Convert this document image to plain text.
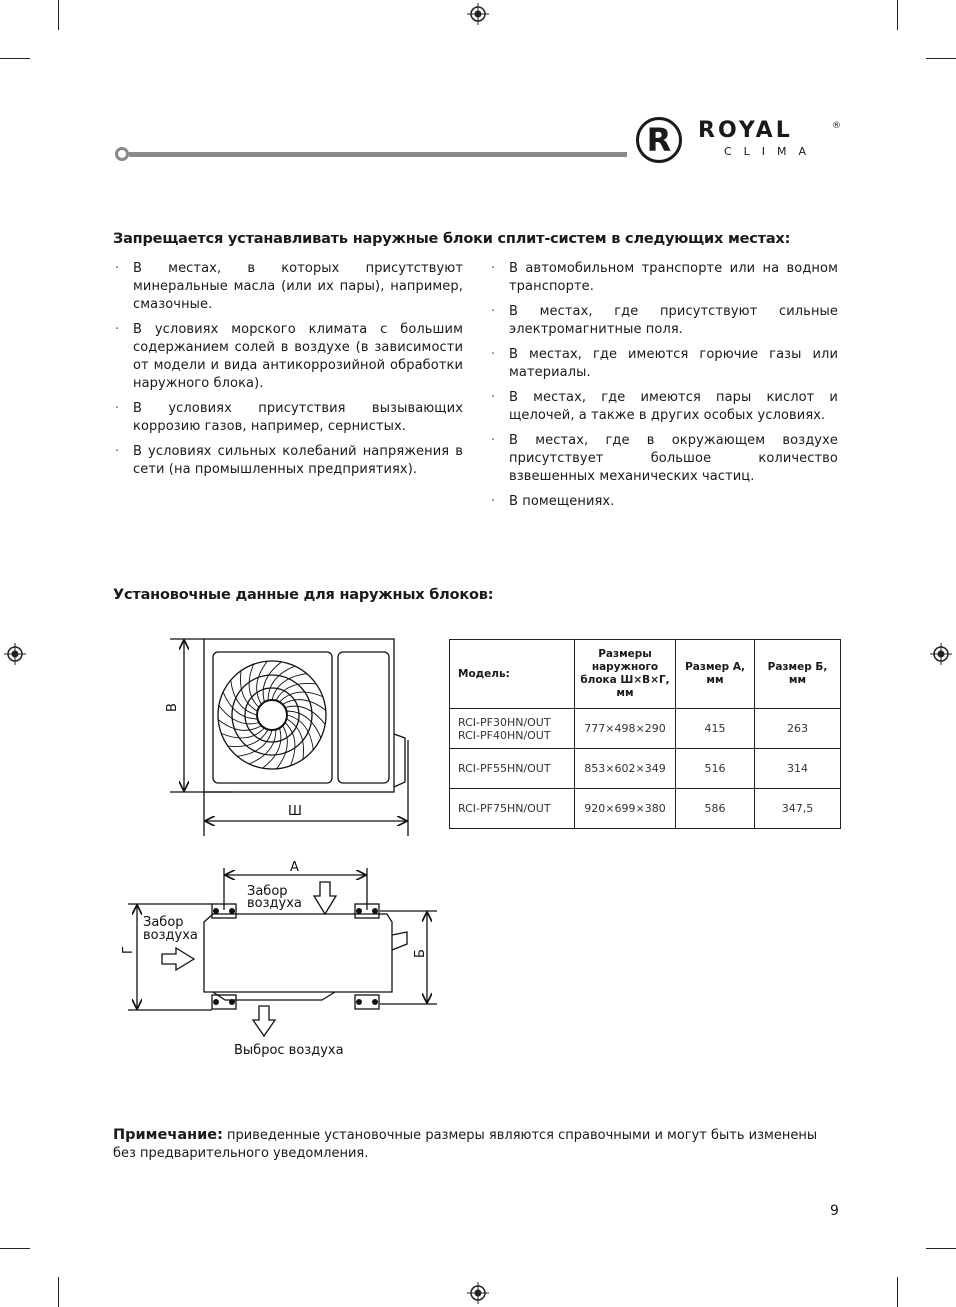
R	ROYAL	®
CLIMA
Запрещается устанавливать наружные блоки сплит-систем в следующих местах:
· В местах, в которых присутствуют минеральные масла (или их пары), например, смазочные.
· В условиях морского климата с большим содержанием солей в воздухе (в зависимости от модели и вида антикоррозийной обработки наружного блока).
· В условиях присутствия вызывающих коррозию газов, например, сернистых.
· В условиях сильных колебаний напряжения в сети (на промышленных предприятиях).
· В автомобильном транспорте или на водном транспорте.
· В местах, где присутствуют сильные электромагнитные поля.
· В местах, где имеются горючие газы или материалы.
· В местах, где имеются пары кислот и щелочей, а также в других особых условиях.
· В местах, где в окружающем воздухе присутствует большое количество взвешенных механических частиц.
· В помещениях.
Установочные данные для наружных блоков:
В
Ш
А
Б
Г
Забор
воздуха
Забор
воздуха
Выброс воздуха
Модель:	Размеры наружного блока Ш×В×Г, мм	Размер А, мм	Размер Б, мм
RCI-PF30HN/OUT
RCI-PF40HN/OUT	777×498×290	415	263
RCI-PF55HN/OUT	853×602×349	516	314
RCI-PF75HN/OUT	920×699×380	586	347,5
Примечание: приведенные установочные размеры являются справочными и могут быть изменены без предварительного уведомления.
9
